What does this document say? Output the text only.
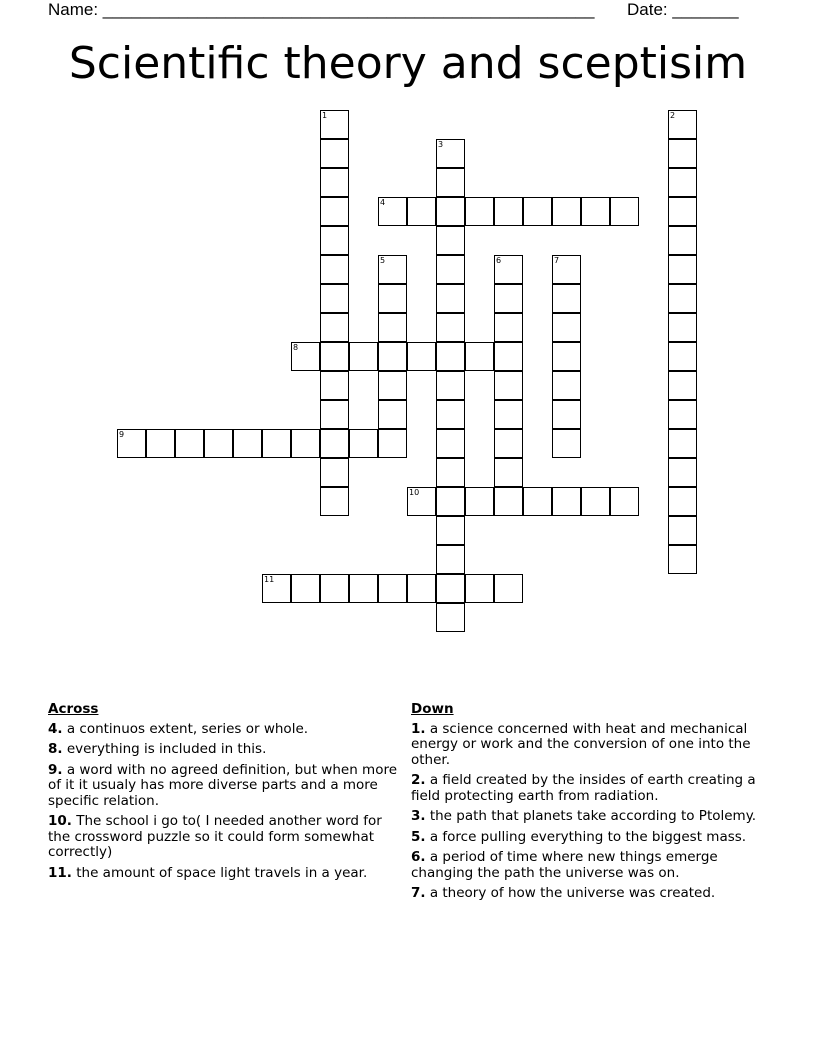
Name: ____________________________________________________ Date: _______
Scientific theory and sceptisim
1	2
3
4
5	6	7
8
9
10
11
Across
4. a continuos extent, series or whole.
8. everything is included in this.
9. a word with no agreed definition, but when more of it it usualy has more diverse parts and a more specific relation.
10. The school i go to( I needed another word for the crossword puzzle so it could form somewhat correctly)
11. the amount of space light travels in a year.
Down
1. a science concerned with heat and mechanical energy or work and the conversion of one into the other.
2. a field created by the insides of earth creating a field protecting earth from radiation.
3. the path that planets take according to Ptolemy.
5. a force pulling everything to the biggest mass.
6. a period of time where new things emerge changing the path the universe was on.
7. a theory of how the universe was created.
